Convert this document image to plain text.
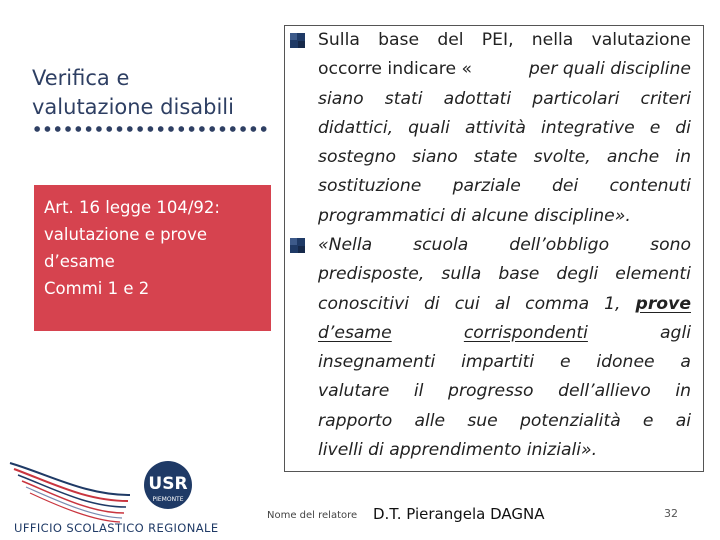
Verifica e
valutazione disabili
Art. 16 legge 104/92:
valutazione e prove
d’esame
Commi 1 e 2
Sulla base del PEI, nella valutazione
occorre indicare «	per quali discipline
siano stati adottati particolari criteri
didattici, quali attività integrative e di
sostegno siano state svolte, anche in
sostituzione parziale dei contenuti
programmatici di alcune discipline».
«Nella scuola dell’obbligo sono
predisposte, sulla base degli elementi
conoscitivi di cui al comma 1, prove
d’esame	corrispondenti	agli
insegnamenti impartiti e idonee a
valutare il progresso dell’allievo in
rapporto alle sue potenzialità e ai
livelli di apprendimento iniziali».
USR
PIEMONTE
UFFICIO SCOLASTICO REGIONALE
Nome del relatore D.T. Pierangela DAGNA	32
